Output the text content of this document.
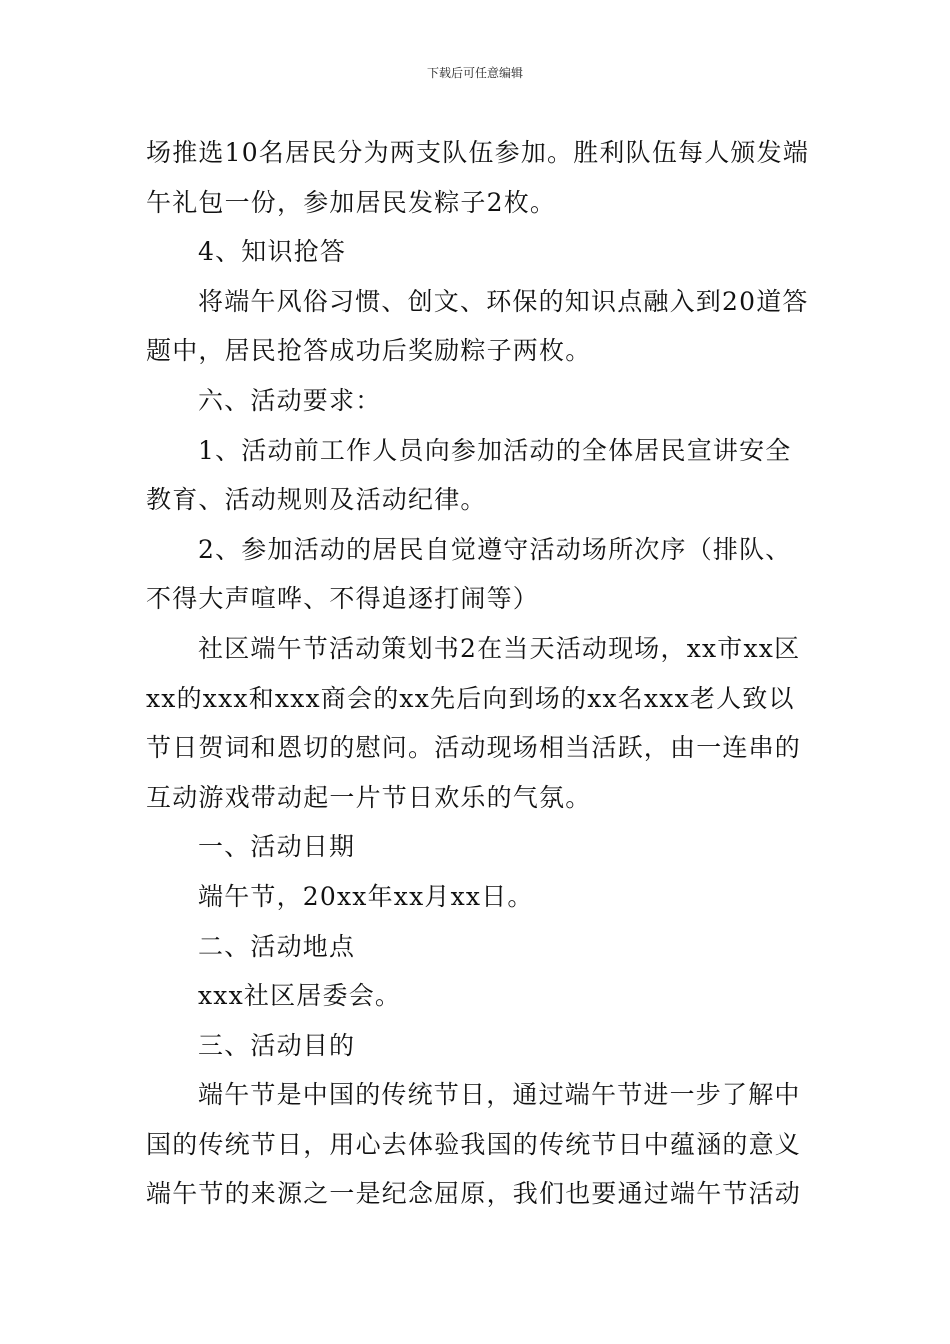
下载后可任意编辑

场推选10名居民分为两支队伍参加。胜利队伍每人颁发端午礼包一份，参加居民发粽子2枚。

4、知识抢答

将端午风俗习惯、创文、环保的知识点融入到20道答题中，居民抢答成功后奖励粽子两枚。

六、活动要求：

1、活动前工作人员向参加活动的全体居民宣讲安全教育、活动规则及活动纪律。

2、参加活动的居民自觉遵守活动场所次序（排队、不得大声喧哗、不得追逐打闹等）

社区端午节活动策划书2在当天活动现场，xx市xx区xx的xxx和xxx商会的xx先后向到场的xx名xxx老人致以节日贺词和恩切的慰问。活动现场相当活跃，由一连串的互动游戏带动起一片节日欢乐的气氛。

一、活动日期

端午节，20xx年xx月xx日。

二、活动地点

xxx社区居委会。

三、活动目的

端午节是中国的传统节日，通过端午节进一步了解中国的传统节日，用心去体验我国的传统节日中蕴涵的意义端午节的来源之一是纪念屈原，我们也要通过端午节活动
